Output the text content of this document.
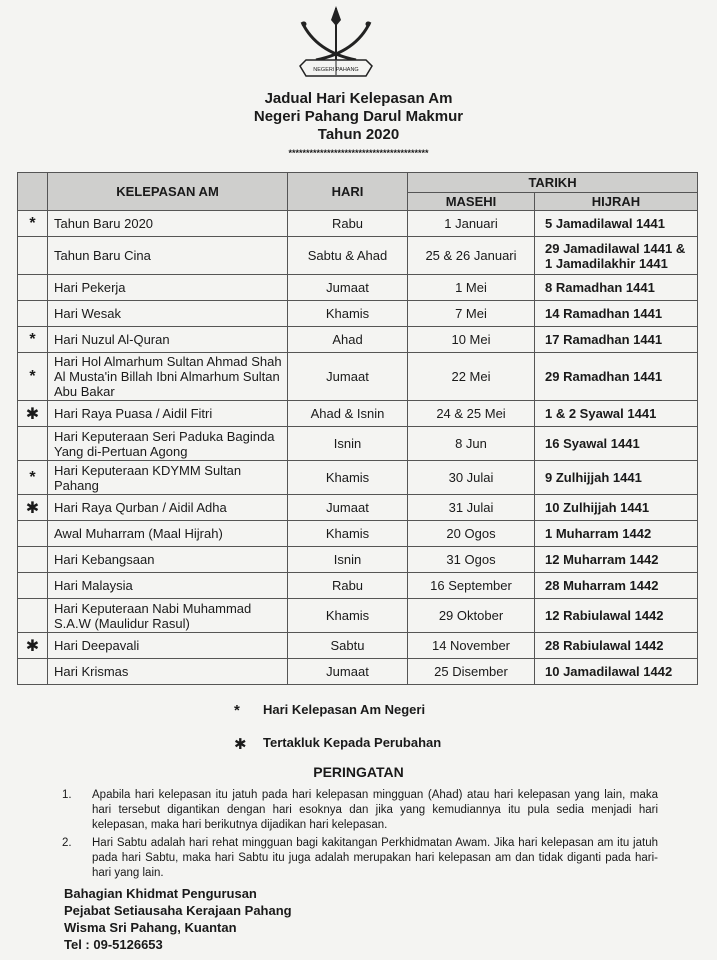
NEGERI PAHANG
Jadual Hari Kelepasan Am
Negeri Pahang Darul Makmur
Tahun 2020
****************************************
	KELEPASAN AM	HARI	TARIKH	
			MASEHI	HIJRAH
*	Tahun Baru 2020	Rabu	1 Januari	5 Jamadilawal 1441
	Tahun Baru Cina	Sabtu & Ahad	25 & 26 Januari	29 Jamadilawal 1441 & 1 Jamadilakhir 1441
	Hari Pekerja	Jumaat	1 Mei	8 Ramadhan 1441
	Hari Wesak	Khamis	7 Mei	14 Ramadhan 1441
*	Hari Nuzul Al-Quran	Ahad	10 Mei	17 Ramadhan 1441
*	Hari Hol Almarhum Sultan Ahmad Shah Al Musta'in Billah Ibni Almarhum Sultan Abu Bakar	Jumaat	22 Mei	29 Ramadhan 1441
✱	Hari Raya Puasa / Aidil Fitri	Ahad & Isnin	24 & 25 Mei	1 & 2 Syawal 1441
	Hari Keputeraan Seri Paduka Baginda Yang di-Pertuan Agong	Isnin	8 Jun	16 Syawal 1441
*	Hari Keputeraan KDYMM Sultan Pahang	Khamis	30 Julai	9 Zulhijjah 1441
✱	Hari Raya Qurban / Aidil Adha	Jumaat	31 Julai	10 Zulhijjah 1441
	Awal Muharram (Maal Hijrah)	Khamis	20 Ogos	1 Muharram 1442
	Hari Kebangsaan	Isnin	31 Ogos	12 Muharram 1442
	Hari Malaysia	Rabu	16 September	28 Muharram 1442
	Hari Keputeraan Nabi Muhammad S.A.W (Maulidur Rasul)	Khamis	29 Oktober	12 Rabiulawal 1442
✱	Hari Deepavali	Sabtu	14 November	28 Rabiulawal 1442
	Hari Krismas	Jumaat	25 Disember	10 Jamadilawal 1442
* Hari Kelepasan Am Negeri
✱ Tertakluk Kepada Perubahan
PERINGATAN
1. Apabila hari kelepasan itu jatuh pada hari kelepasan mingguan (Ahad) atau hari kelepasan yang lain, maka hari tersebut digantikan dengan hari esoknya dan jika yang kemudiannya itu pula sedia menjadi hari kelepasan, maka hari berikutnya dijadikan hari kelepasan.
2. Hari Sabtu adalah hari rehat mingguan bagi kakitangan Perkhidmatan Awam. Jika hari kelepasan am itu jatuh pada hari Sabtu, maka hari Sabtu itu juga adalah merupakan hari kelepasan am dan tidak diganti pada hari-hari yang lain.
Bahagian Khidmat Pengurusan
Pejabat Setiausaha Kerajaan Pahang
Wisma Sri Pahang, Kuantan
Tel : 09-5126653
